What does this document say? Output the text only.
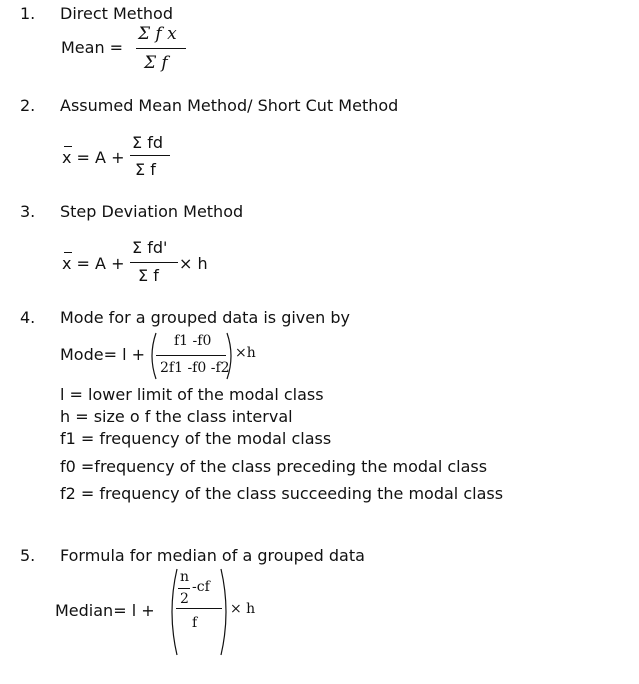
1. Direct Method
Mean =
Σ f x
Σ f
2. Assumed Mean Method/ Short Cut Method
x = A +
Σ fd
Σ f
3. Step Deviation Method
x = A +
Σ fd'
Σ f
× h
4. Mode for a grouped data is given by
Mode= l +
f1 -f0
2f1 -f0 -f2
×h
l = lower limit of the modal class
h = size o f the class interval
f1 = frequency of the modal class
f0 =frequency of the class preceding the modal class
f2 = frequency of the class succeeding the modal class
5. Formula for median of a grouped data
Median= l +
n
2
-cf
f
× h
